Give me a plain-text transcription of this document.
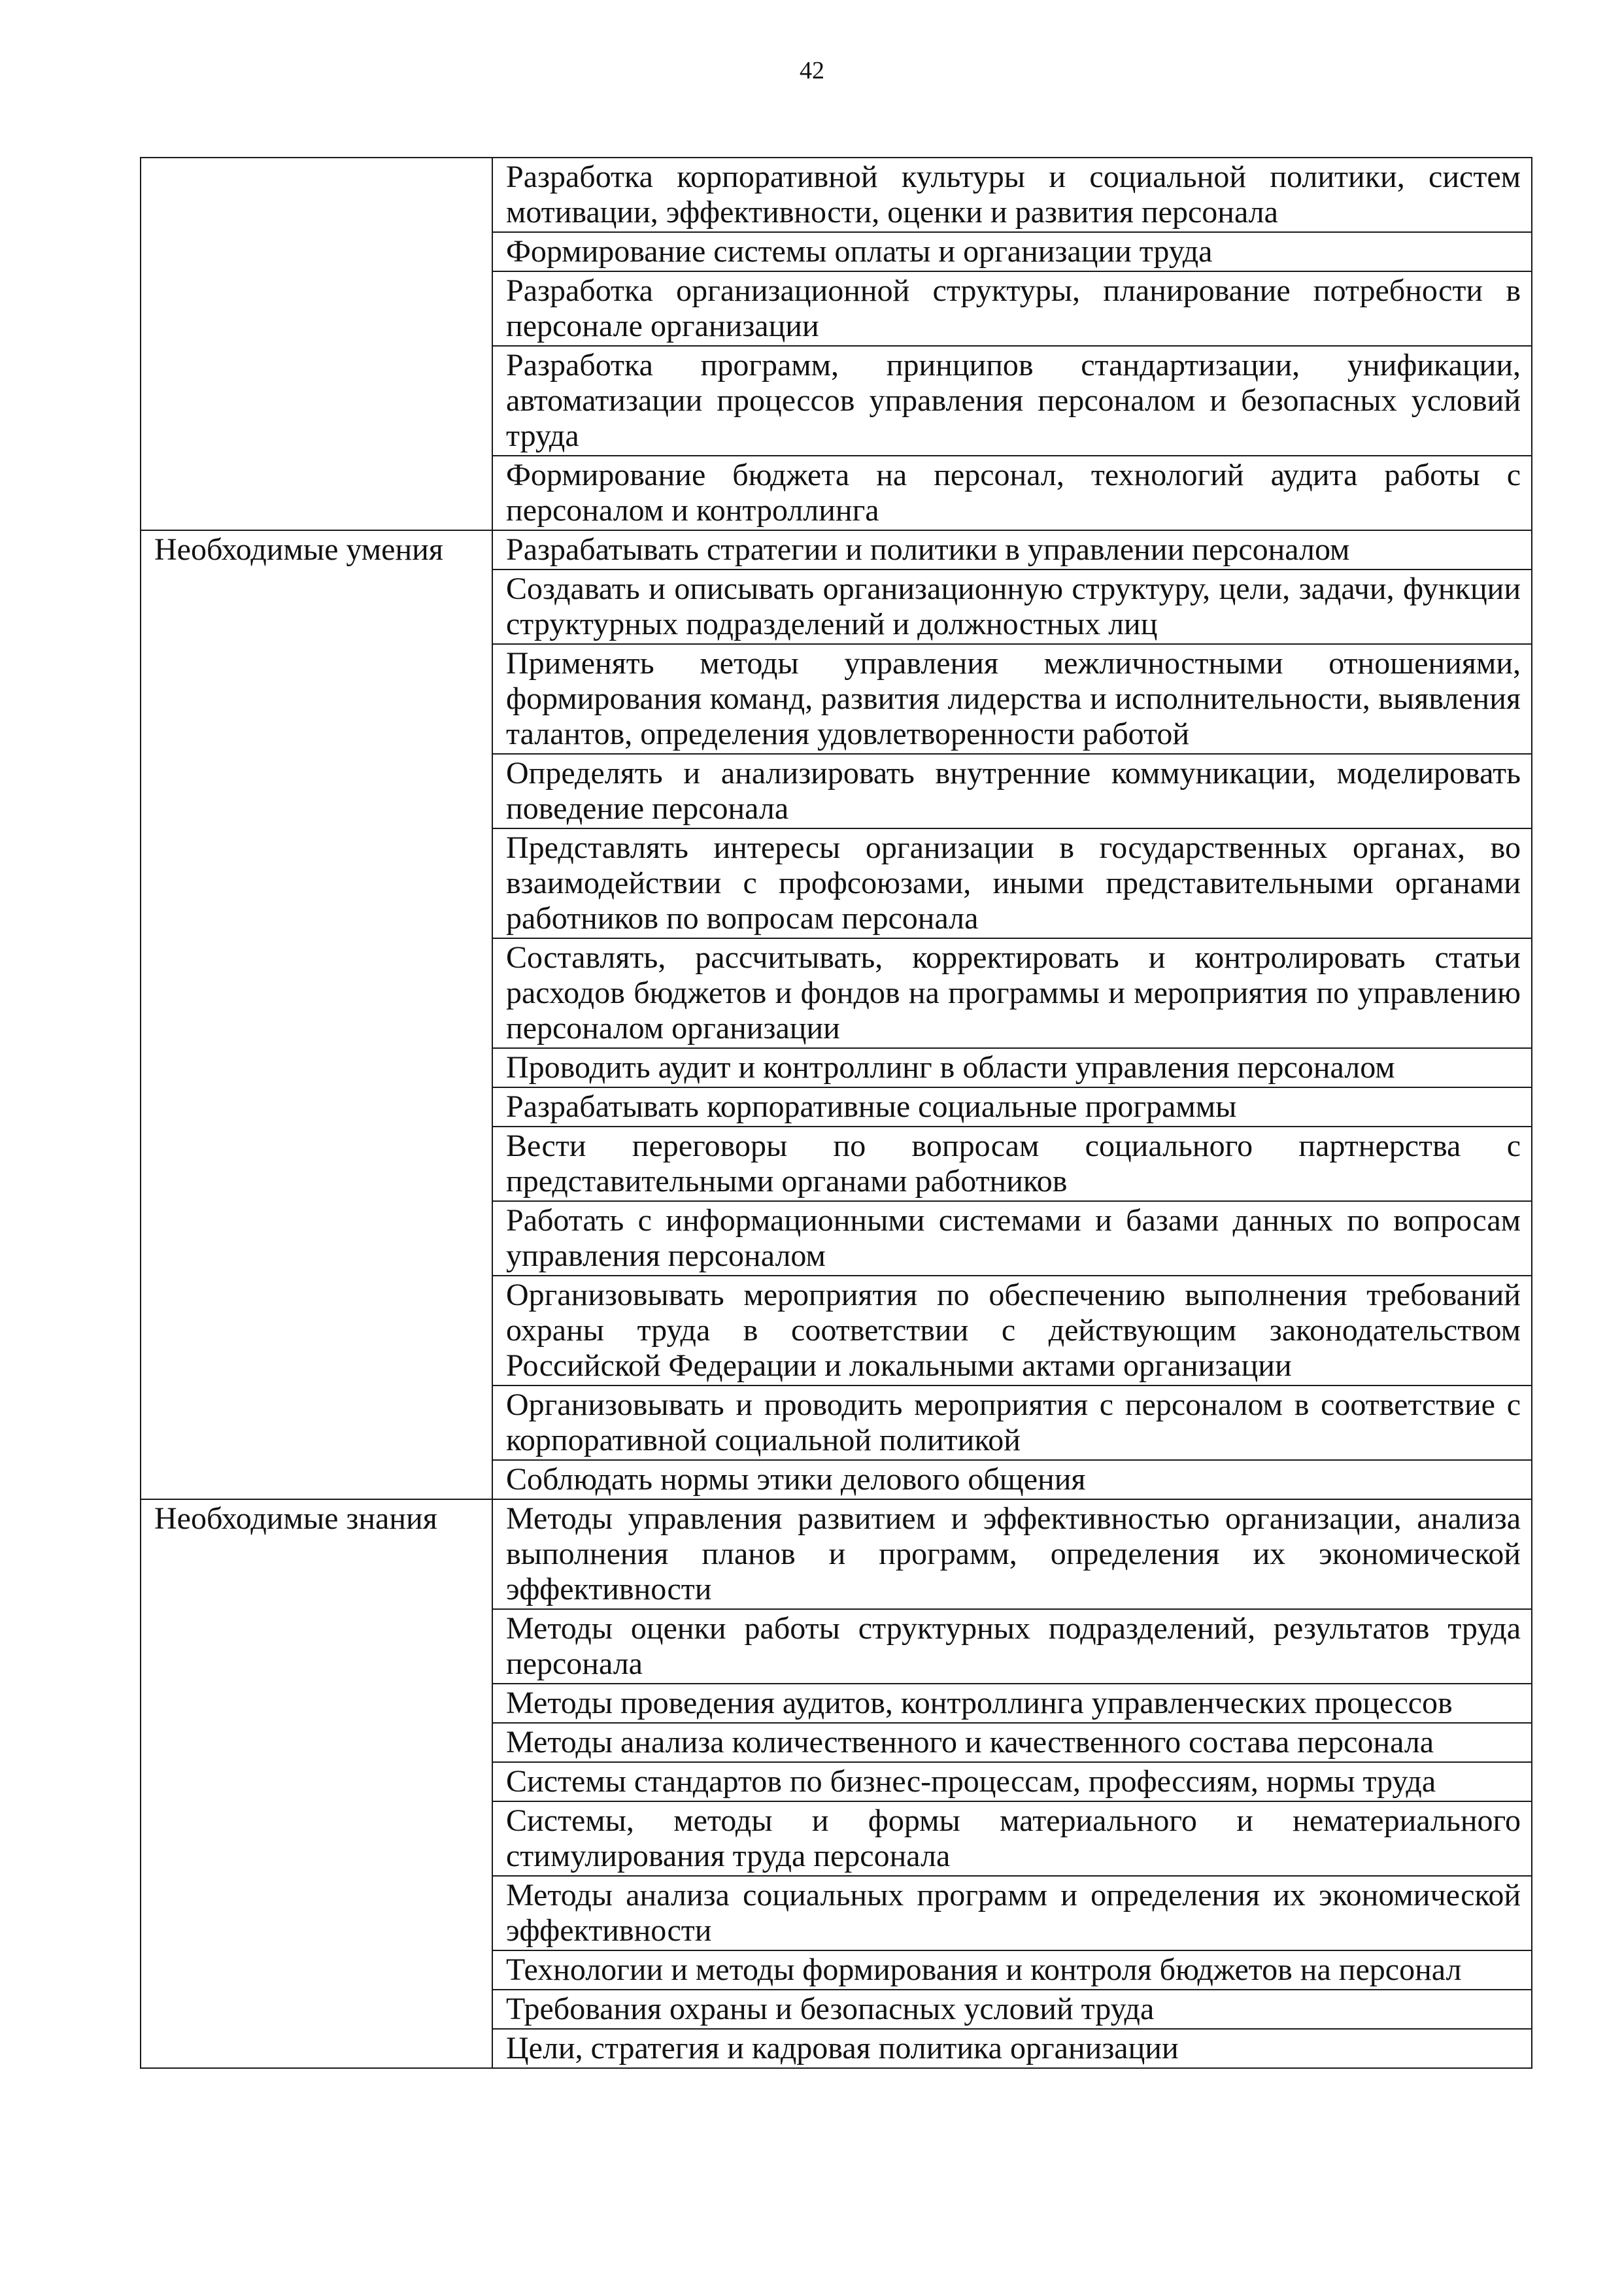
42
	Разработка корпоративной культуры и социальной политики, систем мотивации, эффективности, оценки и развития персонала
	Формирование системы оплаты и организации труда
	Разработка организационной структуры, планирование потребности в персонале организации
	Разработка программ, принципов стандартизации, унификации, автоматизации процессов управления персоналом и безопасных условий труда
	Формирование бюджета на персонал, технологий аудита работы с персоналом и контроллинга
Необходимые умения	Разрабатывать стратегии и политики в управлении персоналом
	Создавать и описывать организационную структуру, цели, задачи, функции структурных подразделений и должностных лиц
	Применять методы управления межличностными отношениями, формирования команд, развития лидерства и исполнительности, выявления талантов, определения удовлетворенности работой
	Определять и анализировать внутренние коммуникации, моделировать поведение персонала
	Представлять интересы организации в государственных органах, во взаимодействии с профсоюзами, иными представительными органами работников по вопросам персонала
	Составлять, рассчитывать, корректировать и контролировать статьи расходов бюджетов и фондов на программы и мероприятия по управлению персоналом организации
	Проводить аудит и контроллинг в области управления персоналом
	Разрабатывать корпоративные социальные программы
	Вести переговоры по вопросам социального партнерства с представительными органами работников
	Работать с информационными системами и базами данных по вопросам управления персоналом
	Организовывать мероприятия по обеспечению выполнения требований охраны труда в соответствии с действующим законодательством Российской Федерации и локальными актами организации
	Организовывать и проводить мероприятия с персоналом в соответствие с корпоративной социальной политикой
	Соблюдать нормы этики делового общения
Необходимые знания	Методы управления развитием и эффективностью организации, анализа выполнения планов и программ, определения их экономической эффективности
	Методы оценки работы структурных подразделений, результатов труда персонала
	Методы проведения аудитов, контроллинга управленческих процессов
	Методы анализа количественного и качественного состава персонала
	Системы стандартов по бизнес-процессам, профессиям, нормы труда
	Системы, методы и формы материального и нематериального стимулирования труда персонала
	Методы анализа социальных программ и определения их экономической эффективности
	Технологии и методы формирования и контроля бюджетов на персонал
	Требования охраны и безопасных условий труда
	Цели, стратегия и кадровая политика организации
